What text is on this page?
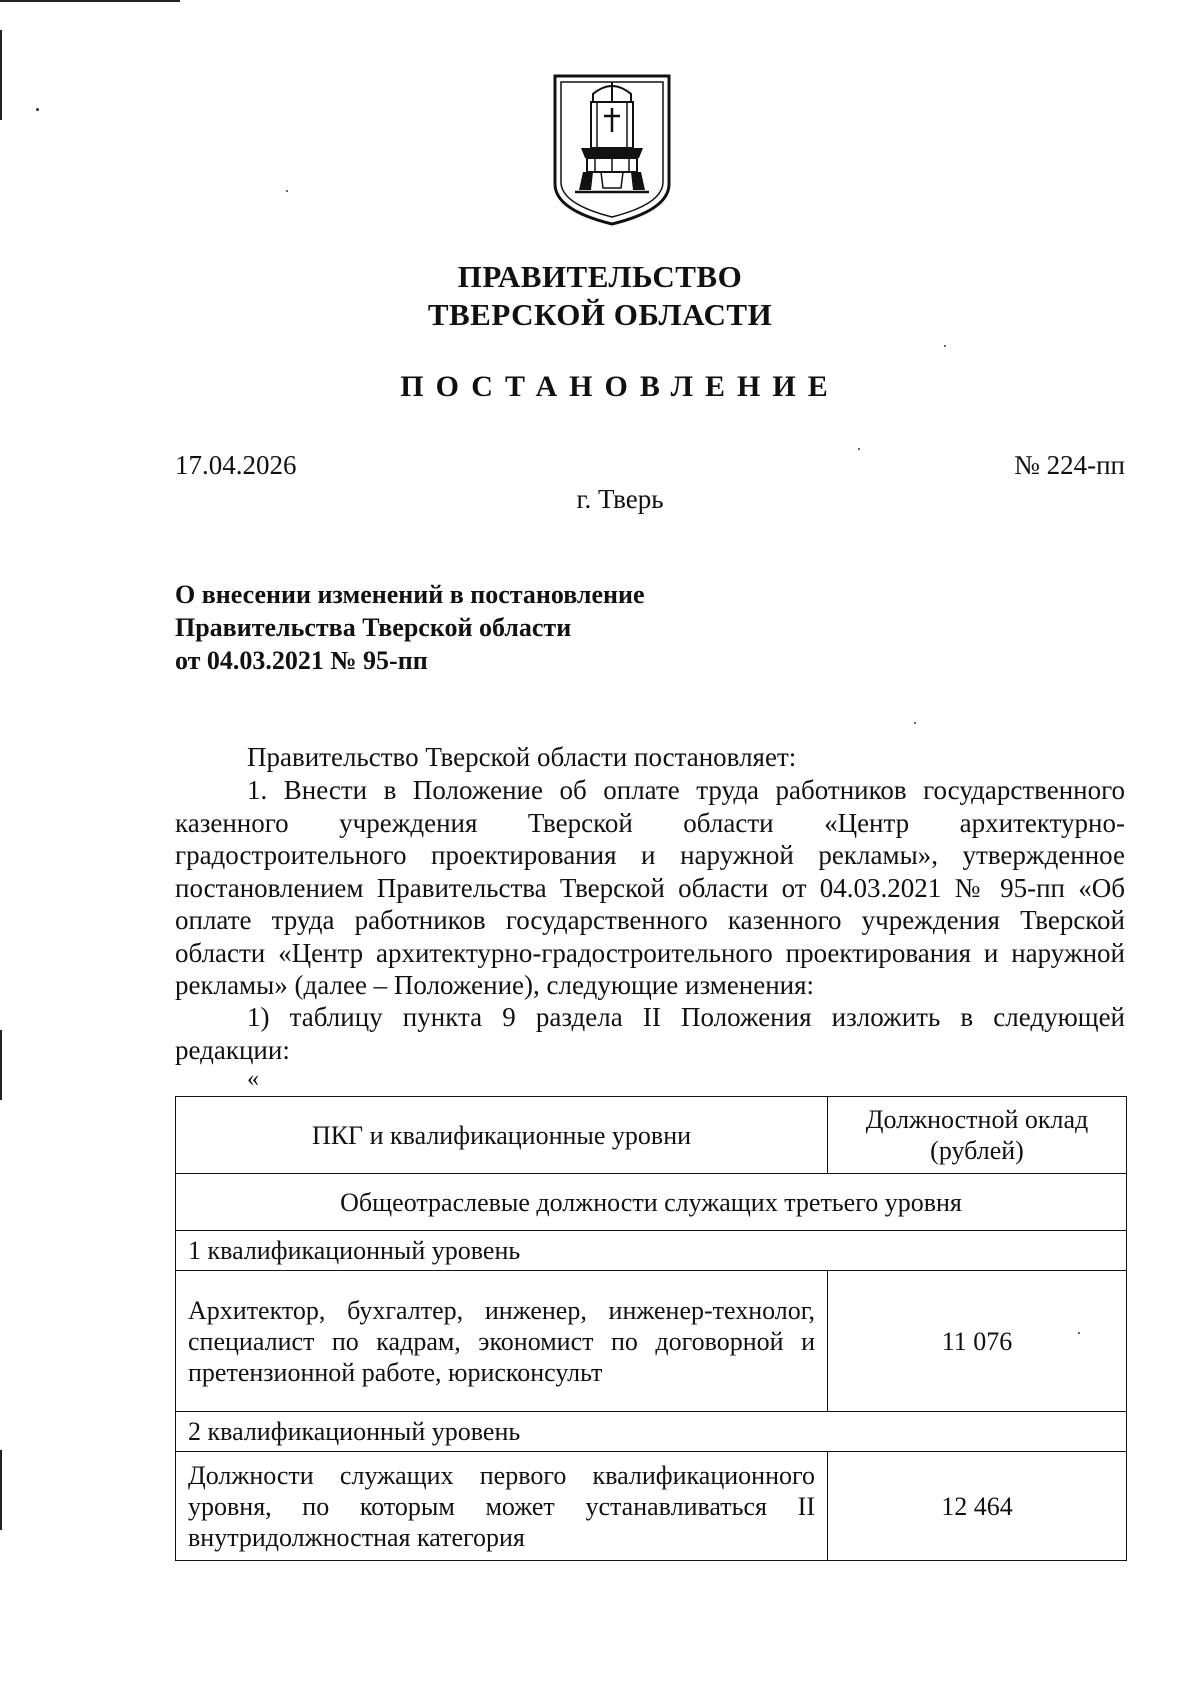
ПРАВИТЕЛЬСТВО
ТВЕРСКОЙ ОБЛАСТИ
ПОСТАНОВЛЕНИЕ
17.04.2026	№ 224-пп
г. Тверь
О внесении изменений в постановление
Правительства Тверской области
от 04.03.2021 № 95-пп
Правительство Тверской области постановляет:
1. Внести в Положение об оплате труда работников государственного казенного учреждения Тверской области «Центр архитектурно-градостроительного проектирования и наружной рекламы», утвержденное постановлением Правительства Тверской области от 04.03.2021 № 95-пп «Об оплате труда работников государственного казенного учреждения Тверской области «Центр архитектурно-градостроительного проектирования и наружной рекламы» (далее – Положение), следующие изменения:
1) таблицу пункта 9 раздела II Положения изложить в следующей редакции:
«
ПКГ и квалификационные уровни	Должностной оклад (рублей)
Общеотраслевые должности служащих третьего уровня	
1 квалификационный уровень	
Архитектор, бухгалтер, инженер, инженер-технолог, специалист по кадрам, экономист по договорной и претензионной работе, юрисконсульт	11 076
2 квалификационный уровень	
Должности служащих первого квалификационного уровня, по которым может устанавливаться II внутридолжностная категория	12 464
